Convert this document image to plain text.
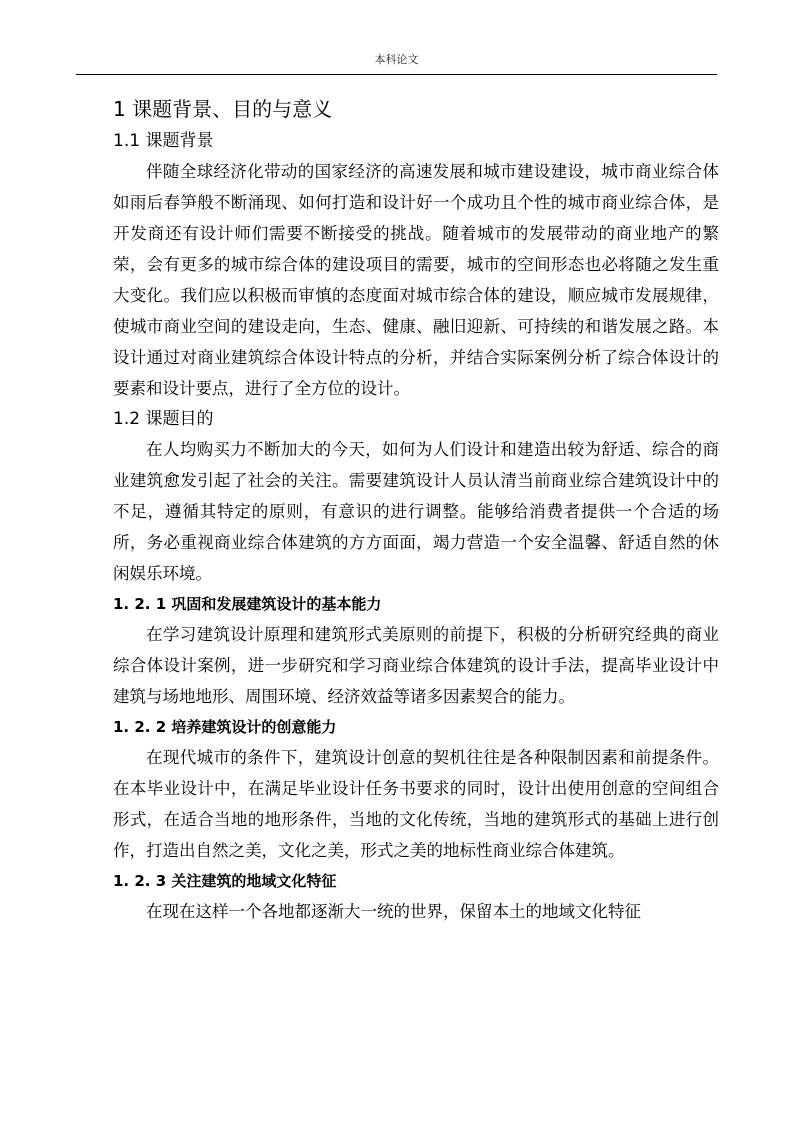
本科论文
1 课题背景、目的与意义
1.1 课题背景

伴随全球经济化带动的国家经济的高速发展和城市建设建设，城市商业综合体如雨后春笋般不断涌现、如何打造和设计好一个成功且个性的城市商业综合体，是开发商还有设计师们需要不断接受的挑战。随着城市的发展带动的商业地产的繁荣，会有更多的城市综合体的建设项目的需要，城市的空间形态也必将随之发生重大变化。我们应以积极而审慎的态度面对城市综合体的建设，顺应城市发展规律，使城市商业空间的建设走向，生态、健康、融旧迎新、可持续的和谐发展之路。本设计通过对商业建筑综合体设计特点的分析，并结合实际案例分析了综合体设计的要素和设计要点，进行了全方位的设计。

1.2 课题目的

在人均购买力不断加大的今天，如何为人们设计和建造出较为舒适、综合的商业建筑愈发引起了社会的关注。需要建筑设计人员认清当前商业综合建筑设计中的不足，遵循其特定的原则，有意识的进行调整。能够给消费者提供一个合适的场所，务必重视商业综合体建筑的方方面面，竭力营造一个安全温馨、舒适自然的休闲娱乐环境。

1. 2. 1 巩固和发展建筑设计的基本能力

在学习建筑设计原理和建筑形式美原则的前提下，积极的分析研究经典的商业综合体设计案例，进一步研究和学习商业综合体建筑的设计手法，提高毕业设计中建筑与场地地形、周围环境、经济效益等诸多因素契合的能力。

1. 2. 2 培养建筑设计的创意能力

在现代城市的条件下，建筑设计创意的契机往往是各种限制因素和前提条件。在本毕业设计中，在满足毕业设计任务书要求的同时，设计出使用创意的空间组合形式，在适合当地的地形条件，当地的文化传统，当地的建筑形式的基础上进行创作，打造出自然之美，文化之美，形式之美的地标性商业综合体建筑。

1. 2. 3 关注建筑的地域文化特征

在现在这样一个各地都逐渐大一统的世界，保留本土的地域文化特征
